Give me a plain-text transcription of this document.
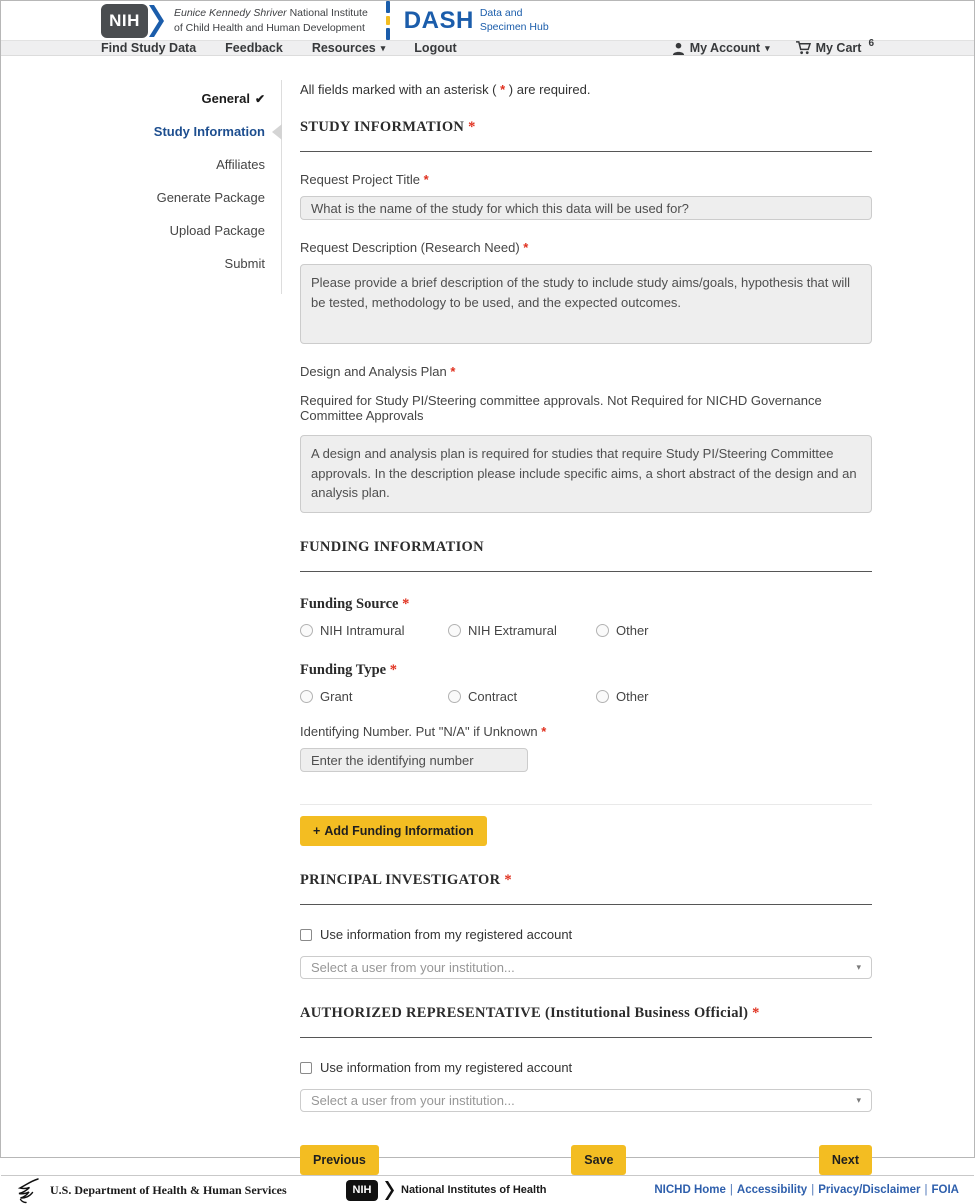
NIH	Eunice Kennedy Shriver National Institute
of Child Health and Human Development DASH Data and
Specimen Hub
Find Study Data Feedback Resources ▾ Logout	My Account ▾	My Cart $^6$
General ✔
Study Information
Affiliates
Generate Package
Upload Package
Submit
All fields marked with an asterisk ( * ) are required.
STUDY INFORMATION *
Request Project Title *
What is the name of the study for which this data will be used for?
Request Description (Research Need) *
Please provide a brief description of the study to include study aims/goals, hypothesis that will be tested, methodology to be used, and the expected outcomes.
Design and Analysis Plan *
Required for Study PI/Steering committee approvals. Not Required for NICHD Governance Committee Approvals
A design and analysis plan is required for studies that require Study PI/Steering Committee approvals. In the description please include specific aims, a short abstract of the design and an analysis plan.
FUNDING INFORMATION
Funding Source *
NIH Intramural	NIH Extramural	Other
Funding Type *
Grant	Contract	Other
Identifying Number. Put "N/A" if Unknown *
Enter the identifying number
+ Add Funding Information
PRINCIPAL INVESTIGATOR *
Use information from my registered account
Select a user from your institution...	▾
AUTHORIZED REPRESENTATIVE (Institutional Business Official) *
Use information from my registered account
Select a user from your institution...	▾
Previous	Save	Next
U.S. Department of Health & Human Services	NIH	National Institutes of Health	NICHD Home | Accessibility | Privacy/Disclaimer | FOIA
